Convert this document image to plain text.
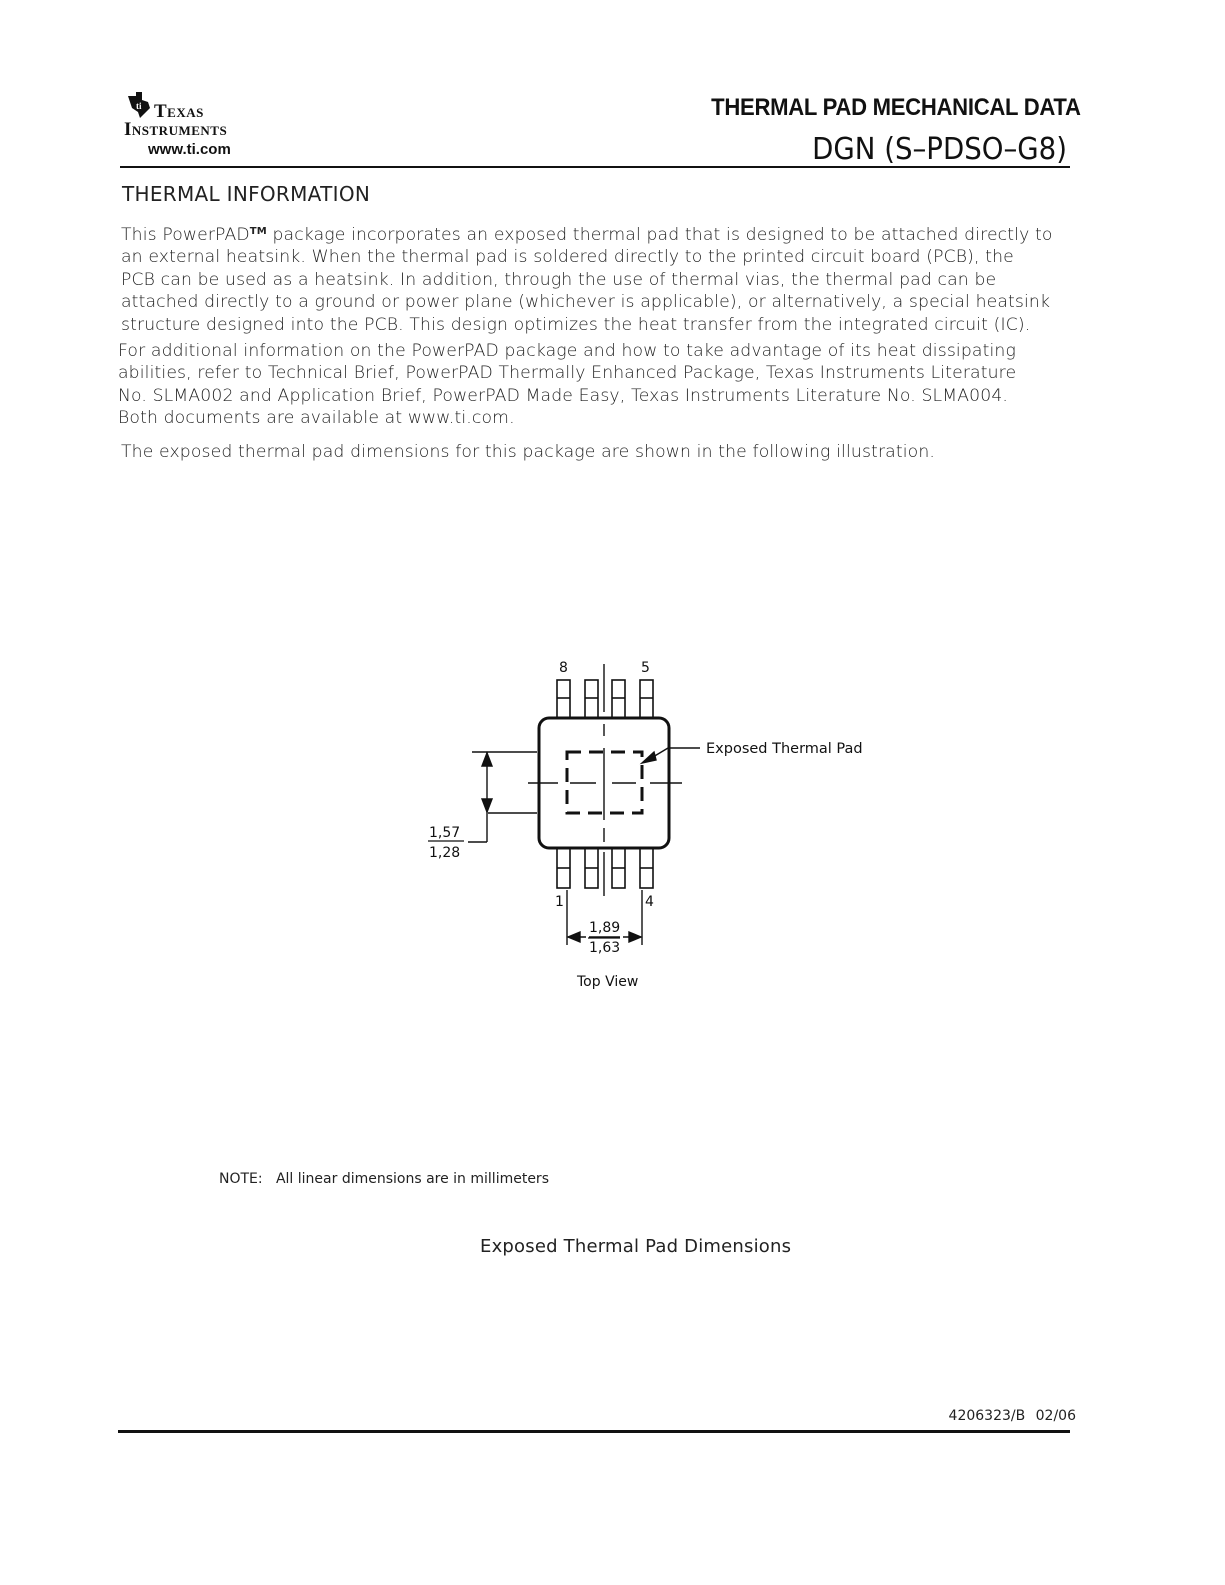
ti Texas
Instruments
www.ti.com
THERMAL PAD MECHANICAL DATA
DGN (S–PDSO–G8)
THERMAL INFORMATION
This PowerPAD™ package incorporates an exposed thermal pad that is designed to be attached directly to
an external heatsink. When the thermal pad is soldered directly to the printed circuit board (PCB), the
PCB can be used as a heatsink. In addition, through the use of thermal vias, the thermal pad can be
attached directly to a ground or power plane (whichever is applicable), or alternatively, a special heatsink
structure designed into the PCB. This design optimizes the heat transfer from the integrated circuit (IC).
For additional information on the PowerPAD package and how to take advantage of its heat dissipating
abilities, refer to Technical Brief, PowerPAD Thermally Enhanced Package, Texas Instruments Literature
No. SLMA002 and Application Brief, PowerPAD Made Easy, Texas Instruments Literature No. SLMA004.
Both documents are available at www.ti.com.
The exposed thermal pad dimensions for this package are shown in the following illustration.
8	5
1	4
Exposed Thermal Pad
1,57
1,28
1,89
1,63
Top View
NOTE:   All linear dimensions are in millimeters
Exposed Thermal Pad Dimensions
4206323/B 02/06
